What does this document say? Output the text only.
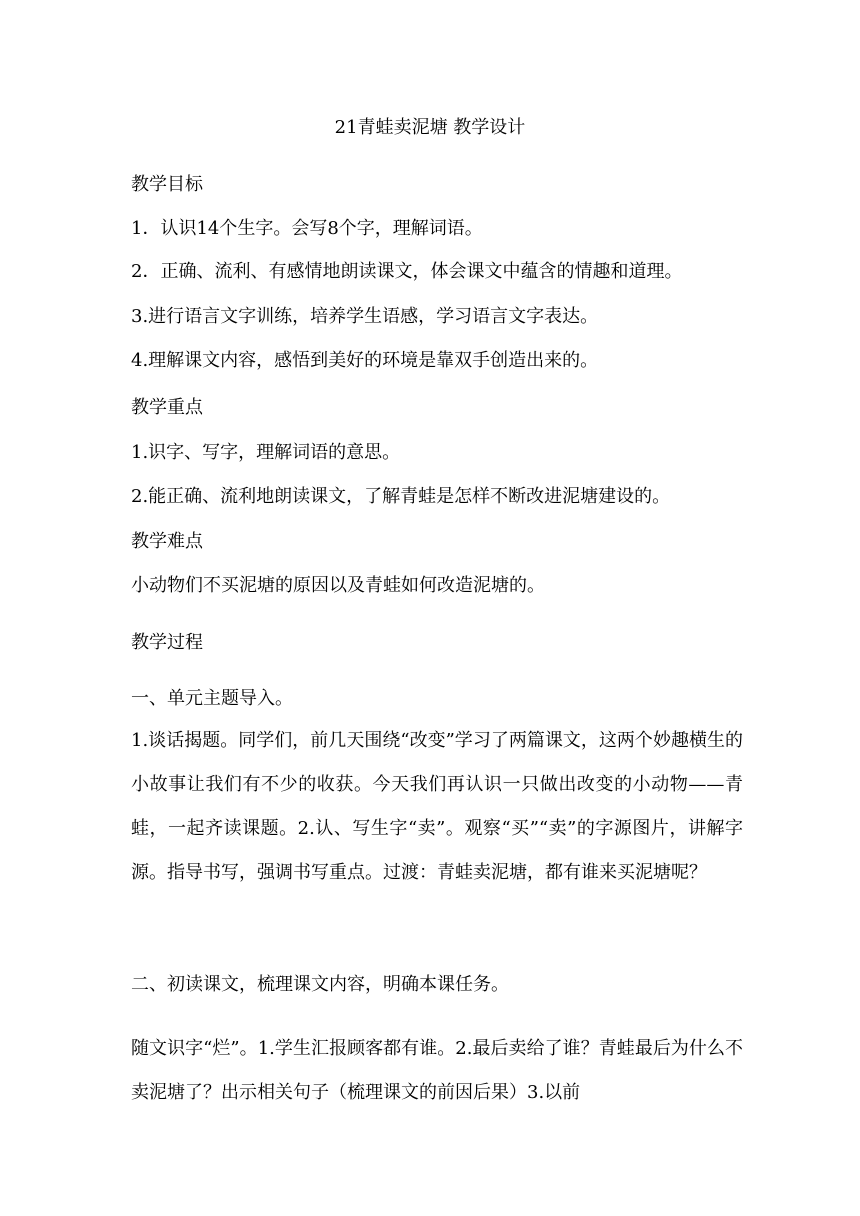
21青蛙卖泥塘 教学设计
教学目标
1．认识14个生字。会写8个字，理解词语。
2．正确、流利、有感情地朗读课文，体会课文中蕴含的情趣和道理。
3.进行语言文字训练，培养学生语感，学习语言文字表达。
4.理解课文内容，感悟到美好的环境是靠双手创造出来的。
教学重点
1.识字、写字，理解词语的意思。
2.能正确、流利地朗读课文，了解青蛙是怎样不断改进泥塘建设的。
教学难点
小动物们不买泥塘的原因以及青蛙如何改造泥塘的。
教学过程
一、单元主题导入。
1.谈话揭题。同学们，前几天围绕“改变”学习了两篇课文，这两个妙趣横生的小故事让我们有不少的收获。今天我们再认识一只做出改变的小动物——青蛙，一起齐读课题。2.认、写生字“卖”。观察“买”“卖”的字源图片，讲解字源。指导书写，强调书写重点。过渡：青蛙卖泥塘，都有谁来买泥塘呢？
二、初读课文，梳理课文内容，明确本课任务。
随文识字“烂”。1.学生汇报顾客都有谁。2.最后卖给了谁？青蛙最后为什么不卖泥塘了？出示相关句子（梳理课文的前因后果）3.以前
